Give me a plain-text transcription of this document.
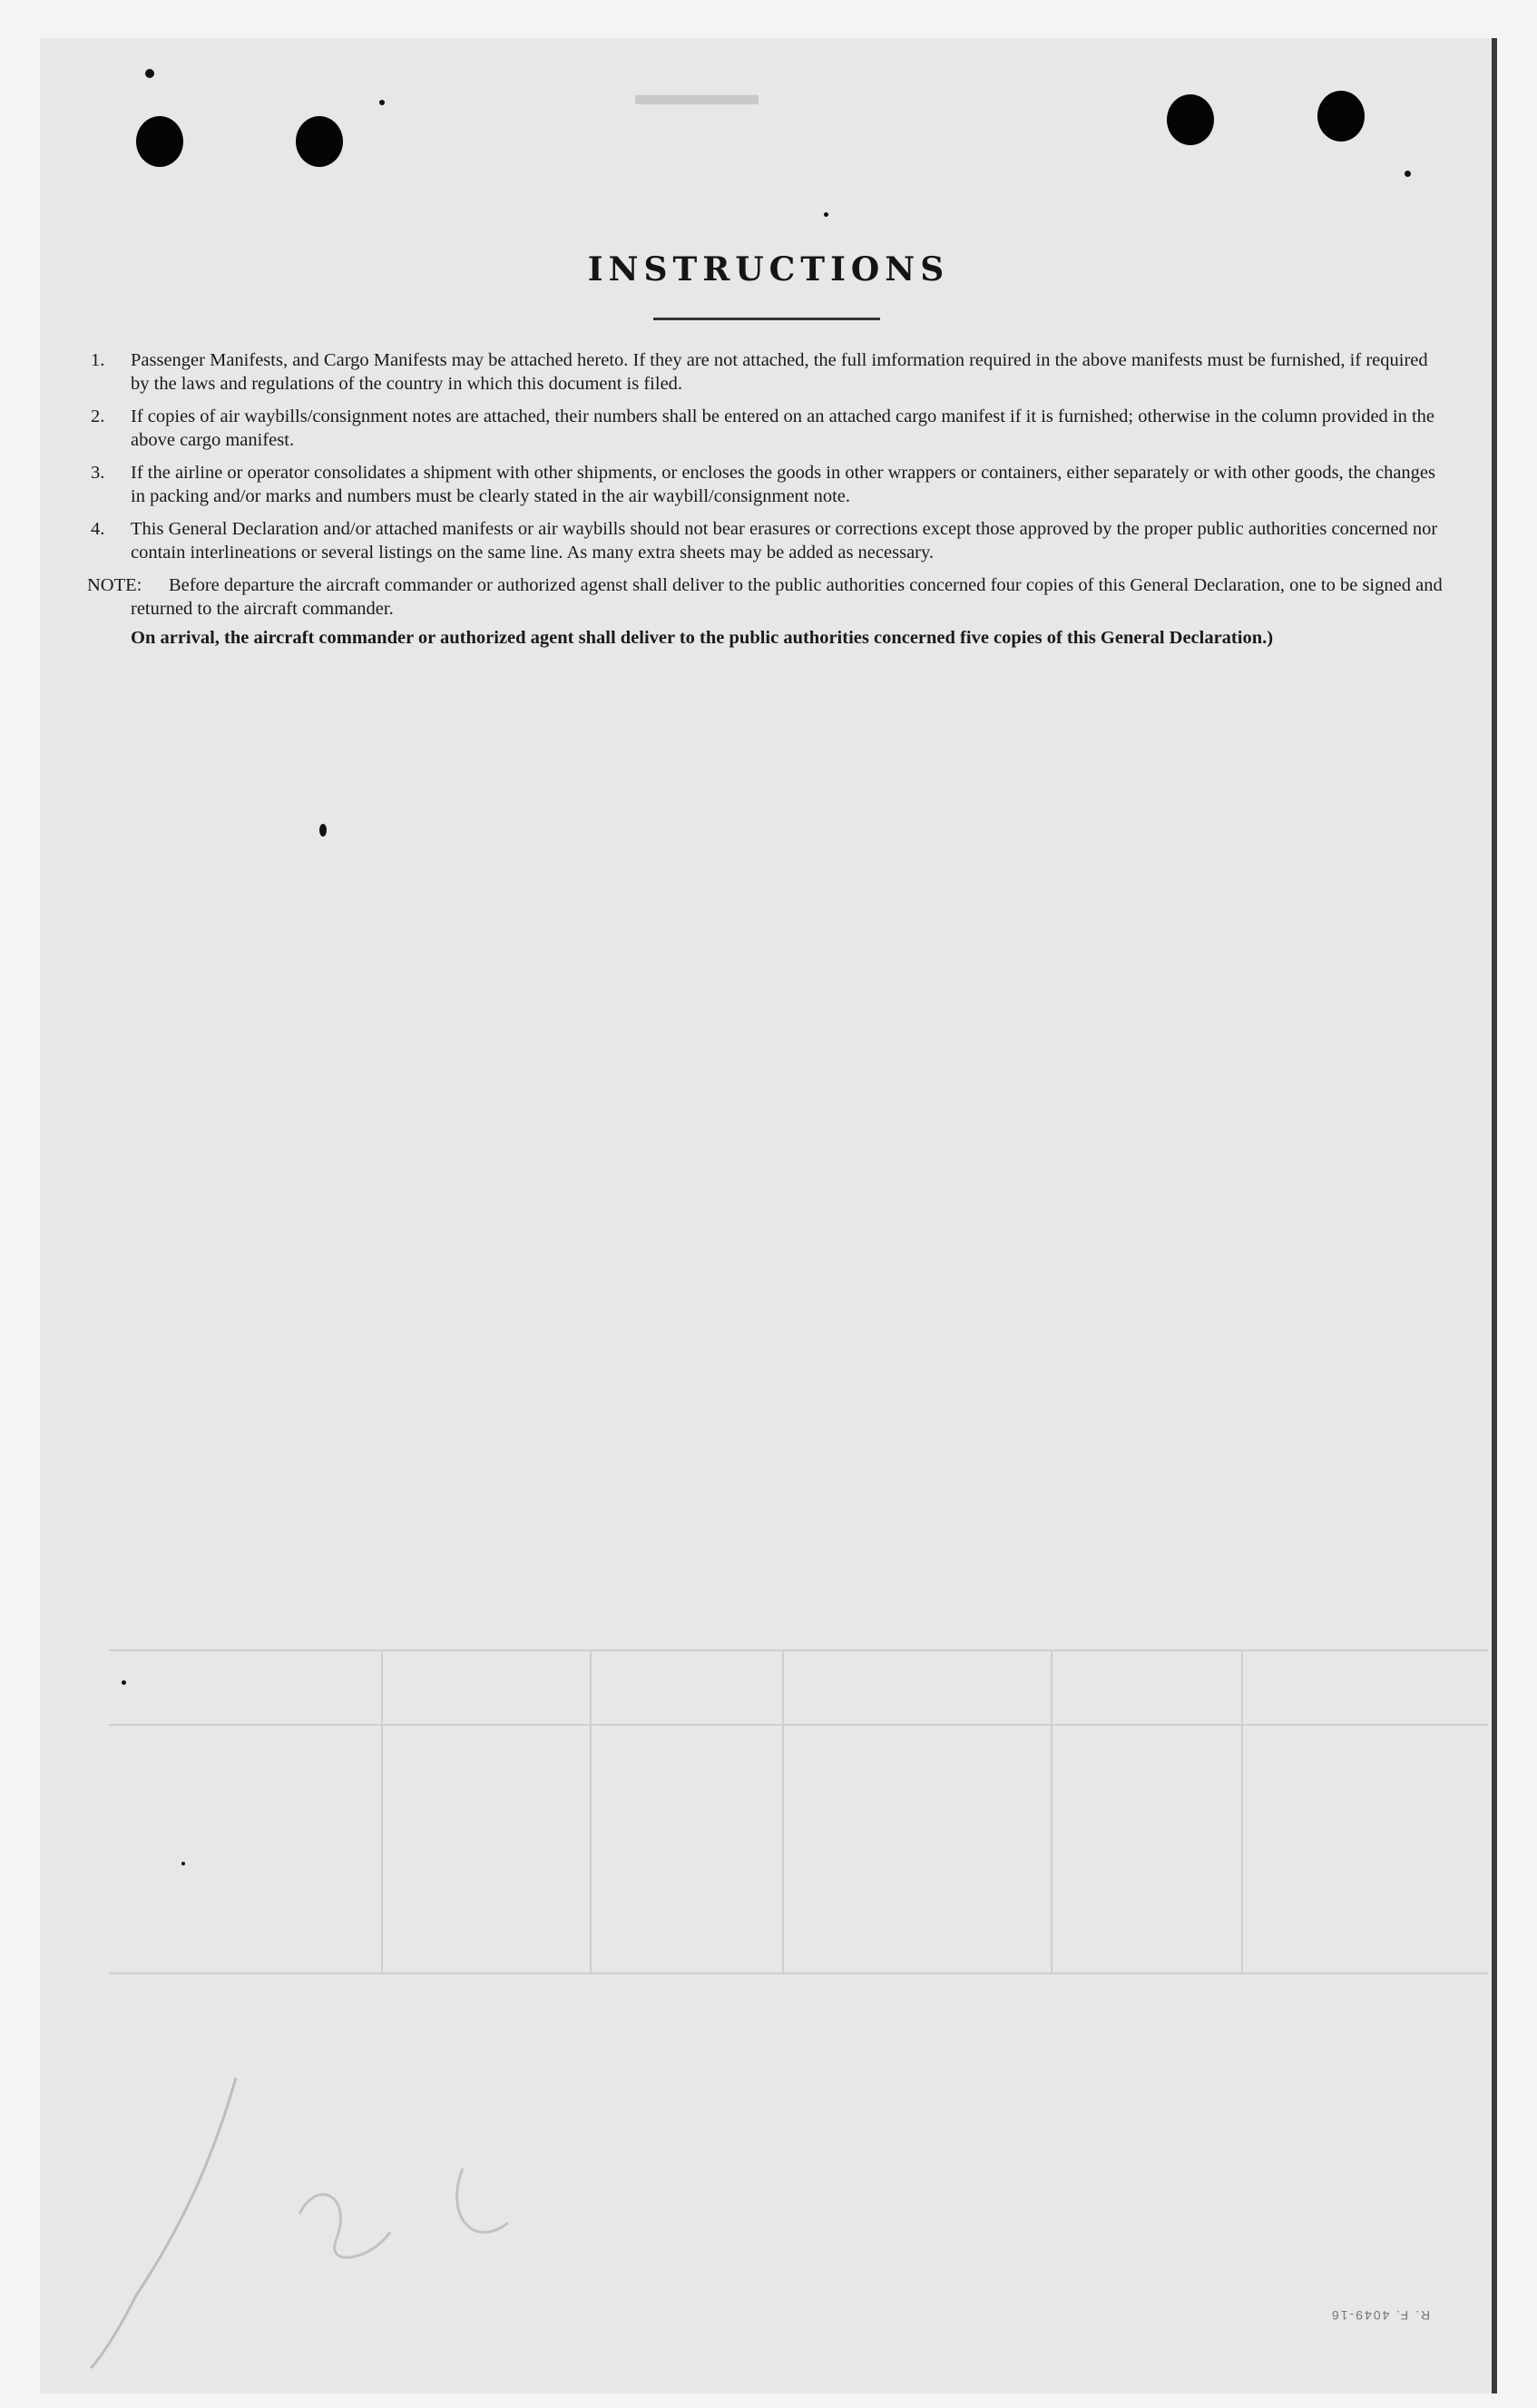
▬▬▬▬
INSTRUCTIONS
1. Passenger Manifests, and Cargo Manifests may be attached hereto. If they are not attached, the full imformation required in the above manifests must be furnished, if required by the laws and regulations of the country in which this document is filed.
2. If copies of air waybills/consignment notes are attached, their numbers shall be entered on an attached cargo manifest if it is furnished; otherwise in the column provided in the above cargo manifest.
3. If the airline or operator consolidates a shipment with other shipments, or encloses the goods in other wrappers or containers, either separately or with other goods, the changes in packing and/or marks and numbers must be clearly stated in the air waybill/consignment note.
4. This General Declaration and/or attached manifests or air waybills should not bear erasures or corrections except those approved by the proper public authorities concerned nor contain interlineations or several listings on the same line. As many extra sheets may be added as necessary.
NOTE:	Before departure the aircraft commander or authorized agenst shall deliver to the public authorities concerned four copies of this General Declaration, one to be signed and returned to the aircraft commander.

On arrival, the aircraft commander or authorized agent shall deliver to the public authorities concerned five copies of this General Declaration.)

R. F. 4049-16
